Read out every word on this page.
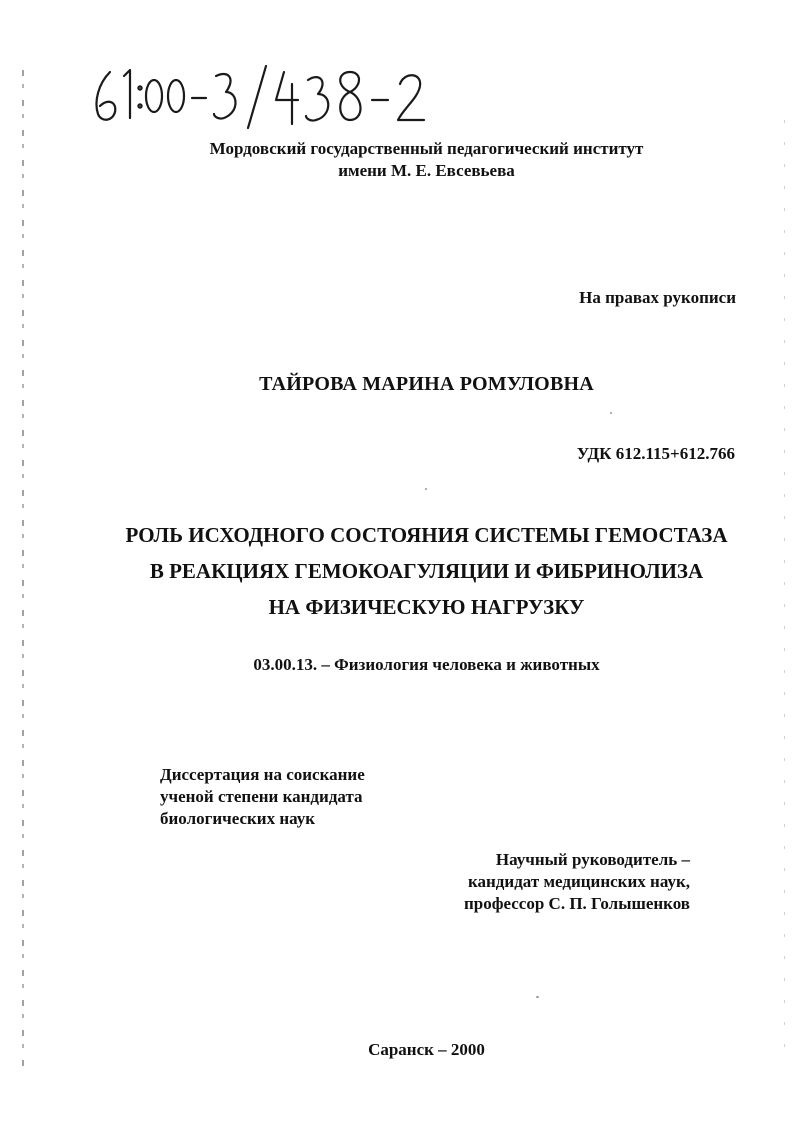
Мордовский государственный педагогический институт
имени М. Е. Евсевьева
На правах рукописи
ТАЙРОВА МАРИНА РОМУЛОВНА
УДК 612.115+612.766
РОЛЬ ИСХОДНОГО СОСТОЯНИЯ СИСТЕМЫ ГЕМОСТАЗА
В РЕАКЦИЯХ ГЕМОКОАГУЛЯЦИИ И ФИБРИНОЛИЗА
НА ФИЗИЧЕСКУЮ НАГРУЗКУ
03.00.13. – Физиология человека и животных
Диссертация на соискание
ученой степени кандидата
биологических наук
Научный руководитель –
кандидат медицинских наук,
профессор С. П. Голышенков
Саранск – 2000
